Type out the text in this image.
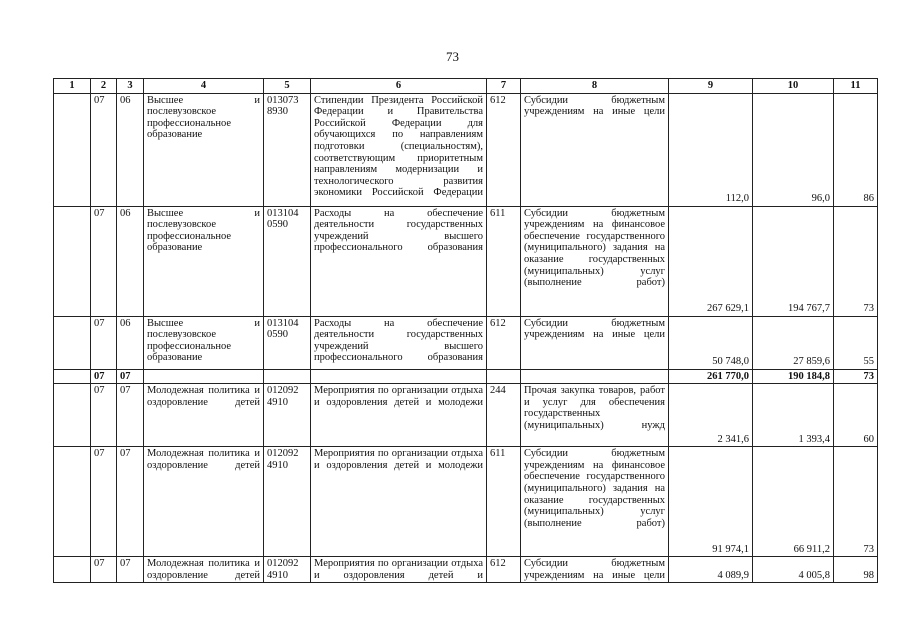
73
1	2	3	4	5	6	7	8	9	10	11
	07	06	Высшее и послевузовское профессиональное образование	013073 8930	Стипендии Президента Российской Федерации и Правительства Российской Федерации для обучающихся по направлениям подготовки (специальностям), соответствующим приоритетным направлениям модернизации и технологического развития экономики Российской Федерации	612	Субсидии бюджетным учреждениям на иные цели	112,0	96,0	86
	07	06	Высшее и послевузовское профессиональное образование	013104 0590	Расходы на обеспечение деятельности государственных учреждений высшего профессионального образования	611	Субсидии бюджетным учреждениям на финансовое обеспечение государственного (муниципального) задания на оказание государственных (муниципальных) услуг (выполнение работ)	267 629,1	194 767,7	73
	07	06	Высшее и послевузовское профессиональное образование	013104 0590	Расходы на обеспечение деятельности государственных учреждений высшего профессионального образования	612	Субсидии бюджетным учреждениям на иные цели	50 748,0	27 859,6	55
	07	07						261 770,0	190 184,8	73
	07	07	Молодежная политика и оздоровление детей	012092 4910	Мероприятия по организации отдыха и оздоровления детей и молодежи	244	Прочая закупка товаров, работ и услуг для обеспечения государственных (муниципальных) нужд	2 341,6	1 393,4	60
	07	07	Молодежная политика и оздоровление детей	012092 4910	Мероприятия по организации отдыха и оздоровления детей и молодежи	611	Субсидии бюджетным учреждениям на финансовое обеспечение государственного (муниципального) задания на оказание государственных (муниципальных) услуг (выполнение работ)	91 974,1	66 911,2	73
	07	07	Молодежная политика и оздоровление детей	012092 4910	Мероприятия по организации отдыха и оздоровления детей и	612	Субсидии бюджетным учреждениям на иные цели	4 089,9	4 005,8	98
